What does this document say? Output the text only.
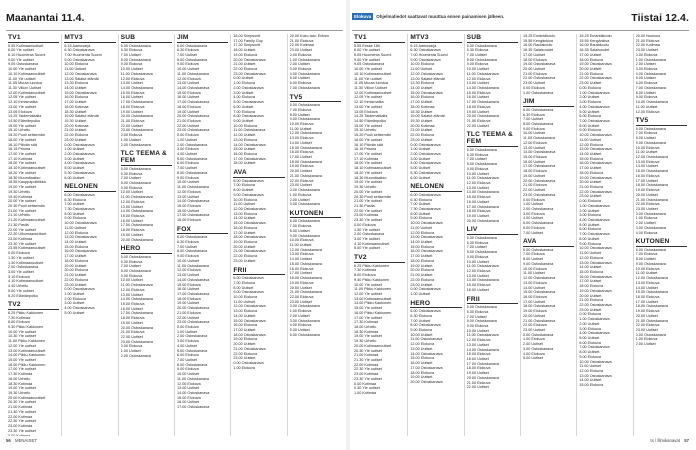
Maanantai 11.4.
TV1
5.55 Kotimaanuutiset
6.00 Yle uutiset
6.10 Huomenta Suomi
9.00 Yle uutiset
9.05 Ostoskanava
10.00 Yle uutiset
10.10 Kotimaanuutiset
11.00 Yle uutiset
11.05 Muuta luontoa
11.30 Viikon Uutiset
12.00 Kotimaanuutiset
12.05 Yle uutiset
12.10 Ihmismatka
13.00 Yle uutiset
13.05 Elokuva
14.25 Taidematkalla
14.50 Elämänpolku
15.00 Yle uutiset
15.10 Urheilu
15.20 Puoli seitsemän
16.00 Yle uutiset
16.10 Päivän sää
16.15 Prisma
17.00 Yle uutiset
17.10 Kotimaa
18.00 Yle uutiset
18.10 Kotimaanuutiset
18.20 Yle uutiset
18.30 Muumilaakso
18.55 Kauppapolitiikka
19.00 Yle uutiset
19.30 Urheilu
19.40 Kotimaa
20.00 Yle uutiset
20.30 Puoli seitsemän
21.00 Yle uutiset
21.10 Urheilu
21.20 Kotimaanuutiset
21.30 Pasila
22.00 Yle uutiset
22.30 Ulkomaanuutiset
23.00 Kotimaa
23.30 Yle uutiset
23.55 Kotimaanuutiset
0.00 Elokuva
1.30 Yle uutiset
1.40 Kotimaanuutiset
2.00 Ostoskanava
3.00 Yle uutiset
3.10 Elokuva
4.10 Kotimaanuutiset
4.40 Urheilu
5.00 Yle uutiset
5.20 Elämänpolku
TV2
6.25 Pikku Kakkonen
7.30 Kotimaa
8.00 Elokuva
9.30 Pikku Kakkonen
10.00 Yle uutiset
10.30 Yle uutiset
11.00 Pikku Kakkonen
12.00 Yle uutiset
13.00 Kotimaanuutiset
14.00 Pikku Kakkonen
15.00 Yle uutiset
16.00 Pikku Kakkonen
17.00 Yle uutiset
17.30 Kotimaa
18.00 Urheilu
18.30 Kotimaa
19.00 Yle uutiset
19.30 Urheilu
20.00 Kotimaanuutiset
20.30 Yle uutiset
21.00 Kotimaa
21.30 Yle uutiset
22.00 Kotimaa
22.30 Yle uutiset
23.00 Kotimaa
23.30 Yle uutiset
0.00 Kotimaa
MTV3
6.15 Aamusarja
6.30 Ostoskanava
7.00 Huomenta Suomi
9.00 Ostoskanava
10.00 Elokuva
11.00 Uutiset
12.00 Ostoskanava
13.00 Salatut elämät
13.30 Elokuva
14.00 Uutiset
15.00 Ostoskanava
16.00 Elokuva
17.00 Uutiset
18.00 Kotimaa
18.30 Uutiset
19.00 Salatut elämät
19.30 Uutiset
20.00 Kotimaa
21.00 Uutiset
22.00 Elokuva
23.00 Uutiset
0.00 Ostoskanava
1.00 Uutiset
2.00 Ostoskanava
3.00 Uutiset
4.00 Ostoskanava
5.00 Uutiset
5.30 Ostoskanava
6.00 Uutiset
NELONEN
6.00 Ostoskanava
6.30 Elokuva
7.00 Uutiset
7.30 Ostoskanava
8.00 Uutiset
9.00 Elokuva
10.00 Ostoskanava
11.00 Uutiset
12.00 Elokuva
13.00 Ostoskanava
14.00 Uutiset
15.00 Elokuva
16.00 Ostoskanava
17.00 Uutiset
18.00 Elokuva
19.00 Uutiset
20.00 Elokuva
21.00 Uutiset
22.00 Elokuva
23.00 Uutiset
0.00 Ostoskanava
1.00 Uutiset
2.00 Elokuva
3.00 Uutiset
4.00 Ostoskanava
5.00 Uutiset
SUB
6.00 Ostoskanava
6.30 Elokuva
7.00 Uutiset
8.00 Ostoskanava
9.00 Elokuva
10.00 Uutiset
11.00 Ostoskanava
12.00 Elokuva
13.00 Uutiset
14.00 Ostoskanava
15.00 Elokuva
16.00 Uutiset
17.00 Ostoskanava
18.00 Elokuva
19.00 Uutiset
20.00 Ostoskanava
21.00 Elokuva
22.00 Uutiset
23.00 Ostoskanava
0.00 Elokuva
1.00 Uutiset
2.00 Ostoskanava
TLC TEEMA & FEM
6.00 Ostoskanava
6.30 Elokuva
7.00 Uutiset
8.00 Ostoskanava
9.00 Elokuva
10.00 Uutiset
11.00 Ostoskanava
12.00 Elokuva
13.00 Uutiset
14.00 Ostoskanava
15.00 Elokuva
16.00 Uutiset
17.00 Ostoskanava
18.00 Elokuva
19.00 Uutiset
20.00 Ostoskanava
HERO
6.00 Ostoskanava
6.30 Elokuva
7.00 Uutiset
8.00 Ostoskanava
9.00 Elokuva
10.00 Uutiset
11.00 Ostoskanava
12.00 Elokuva
13.00 Uutiset
14.00 Ostoskanava
15.00 Elokuva
16.00 Uutiset
17.00 Ostoskanava
18.00 Elokuva
19.00 Uutiset
20.00 Ostoskanava
21.00 Elokuva
22.00 Uutiset
23.00 Ostoskanava
0.00 Elokuva
1.00 Uutiset
2.00 Ostoskanava
JIM
6.00 Ostoskanava
6.30 Elokuva
7.00 Uutiset
8.00 Ostoskanava
9.00 Elokuva
10.00 Uutiset
11.00 Ostoskanava
12.00 Elokuva
13.00 Uutiset
14.00 Ostoskanava
15.00 Elokuva
16.00 Uutiset
17.00 Ostoskanava
18.00 Elokuva
19.00 Uutiset
20.00 Ostoskanava
21.00 Elokuva
22.00 Uutiset
23.00 Ostoskanava
0.00 Elokuva
1.00 Uutiset
2.00 Ostoskanava
3.00 Elokuva
4.00 Uutiset
5.00 Ostoskanava
6.00 Elokuva
7.00 Uutiset
8.00 Ostoskanava
9.00 Elokuva
10.00 Uutiset
11.00 Ostoskanava
12.00 Elokuva
13.00 Uutiset
14.00 Ostoskanava
15.00 Elokuva
16.00 Uutiset
17.00 Ostoskanava
18.00 Elokuva
FOX
6.00 Ostoskanava
6.30 Elokuva
7.00 Uutiset
8.00 Ostoskanava
9.00 Elokuva
10.00 Uutiset
11.00 Ostoskanava
12.00 Elokuva
13.00 Uutiset
14.00 Ostoskanava
15.00 Elokuva
16.00 Uutiset
17.00 Ostoskanava
18.00 Elokuva
19.00 Uutiset
20.00 Ostoskanava
21.00 Elokuva
22.00 Uutiset
23.00 Ostoskanava
0.00 Elokuva
1.00 Uutiset
2.00 Ostoskanava
3.00 Elokuva
4.00 Uutiset
5.00 Ostoskanava
6.00 Elokuva
7.00 Uutiset
8.00 Ostoskanava
9.00 Elokuva
10.00 Uutiset
11.00 Ostoskanava
12.00 Elokuva
13.00 Uutiset
14.00 Ostoskanava
15.00 Elokuva
16.00 Uutiset
17.00 Ostoskanava
16.00 Simpsonit
17.00 Family Guy
17.30 Simpsonit
18.00 Uutiset
19.00 Elokuva
20.00 Ostoskanava
21.00 Uutiset
22.00 Elokuva
23.00 Ostoskanava
0.00 Uutiset
1.00 Elokuva
2.00 Ostoskanava
3.00 Uutiset
4.00 Elokuva
5.00 Ostoskanava
6.00 Uutiset
7.00 Elokuva
8.00 Ostoskanava
9.00 Uutiset
10.00 Elokuva
11.00 Ostoskanava
12.00 Uutiset
13.00 Elokuva
14.00 Ostoskanava
15.00 Uutiset
16.00 Elokuva
17.00 Ostoskanava
18.00 Uutiset
AVA
6.00 Ostoskanava
7.00 Elokuva
8.00 Uutiset
9.00 Ostoskanava
10.00 Elokuva
11.00 Uutiset
12.00 Ostoskanava
13.00 Elokuva
14.00 Uutiset
15.00 Ostoskanava
16.00 Elokuva
17.00 Uutiset
18.00 Ostoskanava
19.00 Elokuva
20.00 Uutiset
21.00 Ostoskanava
22.00 Elokuva
23.00 Uutiset
FRII
6.00 Ostoskanava
7.00 Elokuva
8.00 Uutiset
9.00 Ostoskanava
10.00 Elokuva
11.00 Uutiset
12.00 Ostoskanava
13.00 Elokuva
14.00 Uutiset
15.00 Ostoskanava
16.00 Elokuva
17.00 Uutiset
18.00 Ostoskanava
19.00 Elokuva
20.00 Uutiset
21.00 Ostoskanava
22.00 Elokuva
23.00 Uutiset
0.00 Ostoskanava
1.00 Elokuva
20.00 Koko talo: Eriksin
21.00 Elokuva
22.00 Kotimaa
23.00 Uutiset
0.00 Elokuva
1.00 Ostoskanava
2.00 Uutiset
3.00 Elokuva
4.00 Ostoskanava
5.00 Uutiset
6.00 Elokuva
7.00 Ostoskanava
TV5
6.00 Ostoskanava
7.00 Elokuva
8.00 Uutiset
9.00 Ostoskanava
10.00 Elokuva
11.00 Uutiset
12.00 Ostoskanava
13.00 Elokuva
14.00 Uutiset
15.00 Ostoskanava
16.00 Elokuva
17.00 Uutiset
18.00 Ostoskanava
19.00 Elokuva
20.00 Uutiset
21.00 Ostoskanava
22.00 Elokuva
23.00 Uutiset
0.00 Ostoskanava
1.00 Elokuva
2.00 Uutiset
3.00 Ostoskanava
KUTONEN
6.00 Ostoskanava
7.00 Elokuva
8.00 Uutiset
9.00 Ostoskanava
10.00 Elokuva
11.00 Uutiset
12.00 Ostoskanava
13.00 Elokuva
14.00 Uutiset
15.00 Ostoskanava
16.00 Elokuva
17.00 Uutiset
18.00 Ostoskanava
19.00 Elokuva
20.00 Uutiset
21.00 Ostoskanava
22.00 Elokuva
23.00 Uutiset
0.00 Ostoskanava
1.00 Elokuva
2.00 Uutiset
3.00 Ostoskanava
4.00 Elokuva
5.00 Uutiset
6.00 Ostoskanava
56 MENAISET
Elokuva	Ohjelmatiedot saattavat muuttua ennen painamisen jälkeen.	Tiistai 12.4.
TV1
5.55 Eesse 18h
6.00 Yle uutiset
6.05 Huomenta Suomi
9.00 Yle uutiset
9.05 Ostoskanava
10.00 Yle uutiset
10.10 Kotimaanuutiset
11.00 Yle uutiset
11.05 Muuta luontoa
11.30 Viikon Uutiset
12.00 Kotimaanuutiset
12.05 Yle uutiset
12.10 Ihmismatka
13.00 Yle uutiset
13.05 Elokuva
14.25 Taidematkalla
14.50 Elämänpolku
15.00 Yle uutiset
15.10 Urheilu
15.20 Puoli seitsemän
16.00 Yle uutiset
16.10 Päivän sää
16.15 Prisma
17.00 Yle uutiset
17.10 Kotimaa
18.00 Yle uutiset
18.10 Kotimaanuutiset
18.20 Yle uutiset
18.30 Muumilaakso
19.00 Yle uutiset
19.30 Urheilu
20.00 Yle uutiset
20.30 Puoli seitsemän
21.00 Yle uutiset
21.30 Pasila
22.00 Yle uutiset
23.00 Kotimaa
23.30 Yle uutiset
0.00 Elokuva
1.30 Yle uutiset
2.00 Ostoskanava
3.00 Yle uutiset
4.10 Kotimaanuutiset
5.00 Yle uutiset
TV2
6.25 Pikku Kakkonen
7.30 Kotimaa
8.00 Elokuva
9.30 Pikku Kakkonen
10.00 Yle uutiset
11.00 Pikku Kakkonen
12.00 Yle uutiset
13.00 Kotimaanuutiset
14.00 Pikku Kakkonen
15.00 Yle uutiset
16.00 Pikku Kakkonen
17.00 Yle uutiset
17.30 Kotimaa
18.00 Urheilu
18.30 Kotimaa
19.00 Yle uutiset
19.30 Urheilu
20.00 Kotimaanuutiset
20.30 Yle uutiset
21.00 Kotimaa
21.30 Yle uutiset
22.00 Kotimaa
22.30 Yle uutiset
23.00 Kotimaa
23.30 Yle uutiset
0.00 Kotimaa
0.30 Yle uutiset
1.00 Kotimaa
MTV3
6.15 Aamusarja
6.30 Ostoskanava
7.00 Huomenta Suomi
9.00 Ostoskanava
10.00 Elokuva
11.00 Uutiset
12.00 Ostoskanava
13.00 Salatut elämät
13.30 Elokuva
14.00 Uutiset
15.00 Ostoskanava
16.00 Elokuva
17.00 Uutiset
18.00 Kotimaa
18.30 Uutiset
19.00 Salatut elämät
19.30 Uutiset
20.00 Kotimaa
21.00 Uutiset
22.00 Elokuva
23.00 Uutiset
0.00 Ostoskanava
1.00 Uutiset
2.00 Ostoskanava
3.00 Uutiset
4.00 Ostoskanava
5.00 Uutiset
5.30 Ostoskanava
6.00 Uutiset
NELONEN
6.00 Ostoskanava
6.30 Elokuva
7.00 Uutiset
7.30 Ostoskanava
8.00 Uutiset
9.00 Elokuva
10.00 Ostoskanava
11.00 Uutiset
12.00 Elokuva
13.00 Ostoskanava
14.00 Uutiset
15.00 Elokuva
16.00 Ostoskanava
17.00 Uutiset
18.00 Elokuva
19.00 Uutiset
20.00 Elokuva
21.00 Uutiset
22.00 Elokuva
23.00 Uutiset
0.00 Ostoskanava
1.00 Uutiset
HERO
6.00 Ostoskanava
6.30 Elokuva
7.00 Uutiset
8.00 Ostoskanava
9.00 Elokuva
10.00 Uutiset
11.00 Ostoskanava
12.00 Elokuva
13.00 Uutiset
14.00 Ostoskanava
15.00 Elokuva
16.00 Uutiset
17.00 Ostoskanava
18.00 Elokuva
19.00 Uutiset
20.00 Ostoskanava
SUB
6.00 Ostoskanava
6.30 Elokuva
7.00 Uutiset
8.00 Ostoskanava
9.00 Elokuva
10.00 Uutiset
11.00 Ostoskanava
12.00 Elokuva
13.00 Uutiset
14.00 Ostoskanava
15.00 Elokuva
16.00 Uutiset
17.00 Ostoskanava
18.00 Elokuva
19.00 Uutiset
20.00 Ostoskanava
21.00 Elokuva
22.00 Uutiset
TLC TEEMA & FEM
6.00 Ostoskanava
6.30 Elokuva
7.00 Uutiset
8.00 Ostoskanava
9.00 Elokuva
10.00 Uutiset
11.00 Ostoskanava
12.00 Elokuva
13.00 Uutiset
14.00 Ostoskanava
15.00 Elokuva
16.00 Uutiset
17.00 Ostoskanava
18.00 Elokuva
19.00 Uutiset
20.00 Ostoskanava
LIV
6.00 Ostoskanava
6.30 Elokuva
7.00 Uutiset
8.00 Ostoskanava
9.00 Elokuva
10.00 Uutiset
11.00 Ostoskanava
12.00 Elokuva
13.00 Uutiset
14.00 Ostoskanava
15.00 Elokuva
16.00 Uutiset
FRII
6.00 Ostoskanava
6.30 Elokuva
7.00 Uutiset
8.00 Ostoskanava
9.00 Elokuva
10.00 Uutiset
11.00 Ostoskanava
12.00 Elokuva
13.00 Uutiset
14.00 Ostoskanava
15.00 Elokuva
16.00 Uutiset
17.00 Ostoskanava
18.00 Elokuva
19.00 Uutiset
20.00 Ostoskanava
21.00 Elokuva
22.00 Uutiset
15.25 Emäntäkoulu
15.55 Kengänkiva
16.00 Rautakoulu
16.35 Salaisuudet
17.00 Uutiset
18.00 Elokuva
19.00 Ostoskanava
20.00 Uutiset
21.00 Elokuva
22.00 Ostoskanava
23.00 Uutiset
0.00 Elokuva
1.00 Ostoskanava
JIM
6.00 Ostoskanava
6.30 Elokuva
7.00 Uutiset
8.00 Ostoskanava
9.00 Elokuva
10.00 Uutiset
11.00 Ostoskanava
12.00 Elokuva
13.00 Uutiset
14.00 Ostoskanava
15.00 Elokuva
16.00 Uutiset
17.00 Ostoskanava
18.00 Elokuva
19.00 Uutiset
20.00 Ostoskanava
21.00 Elokuva
22.00 Uutiset
23.00 Ostoskanava
0.00 Elokuva
1.00 Uutiset
2.00 Ostoskanava
3.00 Elokuva
4.00 Uutiset
5.00 Ostoskanava
6.00 Elokuva
7.00 Uutiset
AVA
6.00 Ostoskanava
7.00 Elokuva
8.00 Uutiset
9.00 Ostoskanava
10.00 Elokuva
11.00 Uutiset
12.00 Ostoskanava
13.00 Elokuva
14.00 Uutiset
15.00 Ostoskanava
16.00 Elokuva
17.00 Uutiset
18.00 Ostoskanava
19.00 Elokuva
20.00 Uutiset
21.00 Ostoskanava
22.00 Elokuva
23.00 Uutiset
0.00 Ostoskanava
1.00 Elokuva
2.00 Uutiset
3.00 Ostoskanava
4.00 Elokuva
5.00 Uutiset
15.25 Emäntäkoulu
15.55 Kengänkiva
16.00 Rautakoulu
16.35 Salaisuudet
17.00 Uutiset
18.00 Elokuva
19.00 Ostoskanava
20.00 Uutiset
21.00 Elokuva
22.00 Ostoskanava
23.00 Uutiset
0.00 Elokuva
1.00 Ostoskanava
2.00 Uutiset
3.00 Elokuva
4.00 Ostoskanava
5.00 Uutiset
6.00 Elokuva
7.00 Ostoskanava
8.00 Uutiset
9.00 Elokuva
10.00 Ostoskanava
11.00 Uutiset
12.00 Elokuva
13.00 Ostoskanava
14.00 Uutiset
15.00 Elokuva
16.00 Ostoskanava
17.00 Uutiset
18.00 Elokuva
19.00 Ostoskanava
20.00 Uutiset
21.00 Elokuva
22.00 Ostoskanava
23.00 Uutiset
0.00 Elokuva
1.00 Ostoskanava
2.00 Uutiset
3.00 Elokuva
4.00 Ostoskanava
5.00 Uutiset
6.00 Elokuva
7.00 Ostoskanava
8.00 Uutiset
9.00 Elokuva
10.00 Ostoskanava
11.00 Uutiset
12.00 Elokuva
13.00 Ostoskanava
14.00 Uutiset
15.00 Elokuva
16.00 Ostoskanava
17.00 Uutiset
18.00 Elokuva
19.00 Ostoskanava
20.00 Uutiset
21.00 Elokuva
22.00 Ostoskanava
23.00 Uutiset
0.00 Elokuva
1.00 Ostoskanava
2.00 Uutiset
3.00 Elokuva
4.00 Ostoskanava
5.00 Uutiset
6.00 Elokuva
7.00 Ostoskanava
8.00 Uutiset
9.00 Elokuva
10.00 Ostoskanava
11.00 Uutiset
12.00 Elokuva
13.00 Ostoskanava
14.00 Uutiset
15.00 Elokuva
20.00 Nuoruus
21.00 Elokuva
22.00 Kotimaa
23.00 Uutiset
0.00 Elokuva
1.00 Ostoskanava
2.00 Uutiset
3.00 Elokuva
4.00 Ostoskanava
5.00 Uutiset
6.00 Elokuva
7.00 Ostoskanava
8.00 Uutiset
9.00 Elokuva
10.00 Ostoskanava
11.00 Uutiset
12.00 Elokuva
TV5
6.00 Ostoskanava
7.00 Elokuva
8.00 Uutiset
9.00 Ostoskanava
10.00 Elokuva
11.00 Uutiset
12.00 Ostoskanava
13.00 Elokuva
14.00 Uutiset
15.00 Ostoskanava
16.00 Elokuva
17.00 Uutiset
18.00 Ostoskanava
19.00 Elokuva
20.00 Uutiset
21.00 Ostoskanava
22.00 Elokuva
23.00 Uutiset
0.00 Ostoskanava
1.00 Elokuva
2.00 Uutiset
3.00 Ostoskanava
4.00 Elokuva
KUTONEN
6.00 Ostoskanava
7.00 Elokuva
8.00 Uutiset
9.00 Ostoskanava
10.00 Elokuva
11.00 Uutiset
12.00 Ostoskanava
13.00 Elokuva
14.00 Uutiset
15.00 Ostoskanava
16.00 Elokuva
17.00 Uutiset
18.00 Ostoskanava
19.00 Elokuva
20.00 Uutiset
21.00 Ostoskanava
22.00 Elokuva
23.00 Uutiset
0.00 Ostoskanava
1.00 Elokuva
2.00 Uutiset
ts / filmikanavat 57
